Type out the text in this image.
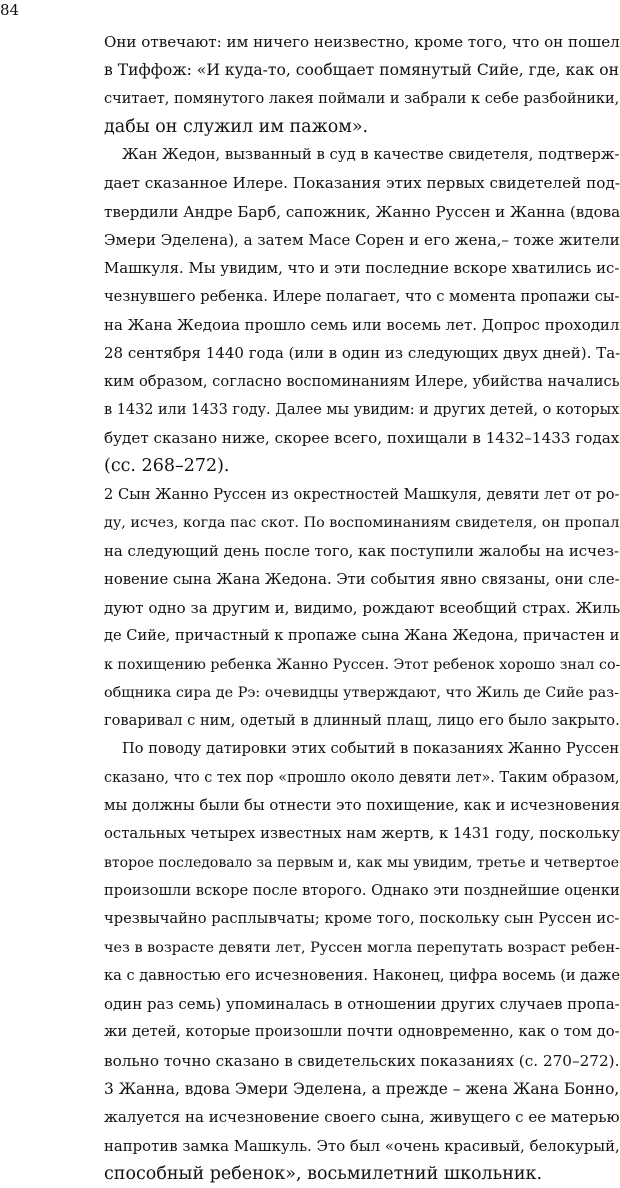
84
Они отвечают: им ничего неизвестно, кроме того, что он пошел
в Тиффож: «И куда-то, сообщает помянутый Сийе, где, как он
считает, помянутого лакея поймали и забрали к себе разбойники,
дабы он служил им пажом».
Жан Жедон, вызванный в суд в качестве свидетеля, подтверж-
дает сказанное Илере. Показания этих первых свидетелей под-
твердили Андре Барб, сапожник, Жанно Руссен и Жанна (вдова
Эмери Эделена), а затем Масе Сорен и его жена,– тоже жители
Машкуля. Мы увидим, что и эти последние вскоре хватились ис-
чезнувшего ребенка. Илере полагает, что с момента пропажи сы-
на Жана Жедоиа прошло семь или восемь лет. Допрос проходил
28 сентября 1440 года (или в один из следующих двух дней). Та-
ким образом, согласно воспоминаниям Илере, убийства начались
в 1432 или 1433 году. Далее мы увидим: и других детей, о которых
будет сказано ниже, скорее всего, похищали в 1432–1433 годах
(сс. 268–272).
2 Сын Жанно Руссен из окрестностей Машкуля, девяти лет от ро-
ду, исчез, когда пас скот. По воспоминаниям свидетеля, он пропал
на следующий день после того, как поступили жалобы на исчез-
новение сына Жана Жедона. Эти события явно связаны, они сле-
дуют одно за другим и, видимо, рождают всеобщий страх. Жиль
де Сийе, причастный к пропаже сына Жана Жедона, причастен и
к похищению ребенка Жанно Руссен. Этот ребенок хорошо знал со-
общника сира де Рэ: очевидцы утверждают, что Жиль де Сийе раз-
говаривал с ним, одетый в длинный плащ, лицо его было закрыто.
По поводу датировки этих событий в показаниях Жанно Руссен
сказано, что с тех пор «прошло около девяти лет». Таким образом,
мы должны были бы отнести это похищение, как и исчезновения
остальных четырех известных нам жертв, к 1431 году, поскольку
второе последовало за первым и, как мы увидим, третье и четвертое
произошли вскоре после второго. Однако эти позднейшие оценки
чрезвычайно расплывчаты; кроме того, поскольку сын Руссен ис-
чез в возрасте девяти лет, Руссен могла перепутать возраст ребен-
ка с давностью его исчезновения. Наконец, цифра восемь (и даже
один раз семь) упоминалась в отношении других случаев пропа-
жи детей, которые произошли почти одновременно, как о том до-
вольно точно сказано в свидетельских показаниях (с. 270–272).
3 Жанна, вдова Эмери Эделена, а прежде – жена Жана Бонно,
жалуется на исчезновение своего сына, живущего с ее матерью
напротив замка Машкуль. Это был «очень красивый, белокурый,
способный ребенок», восьмилетний школьник.
